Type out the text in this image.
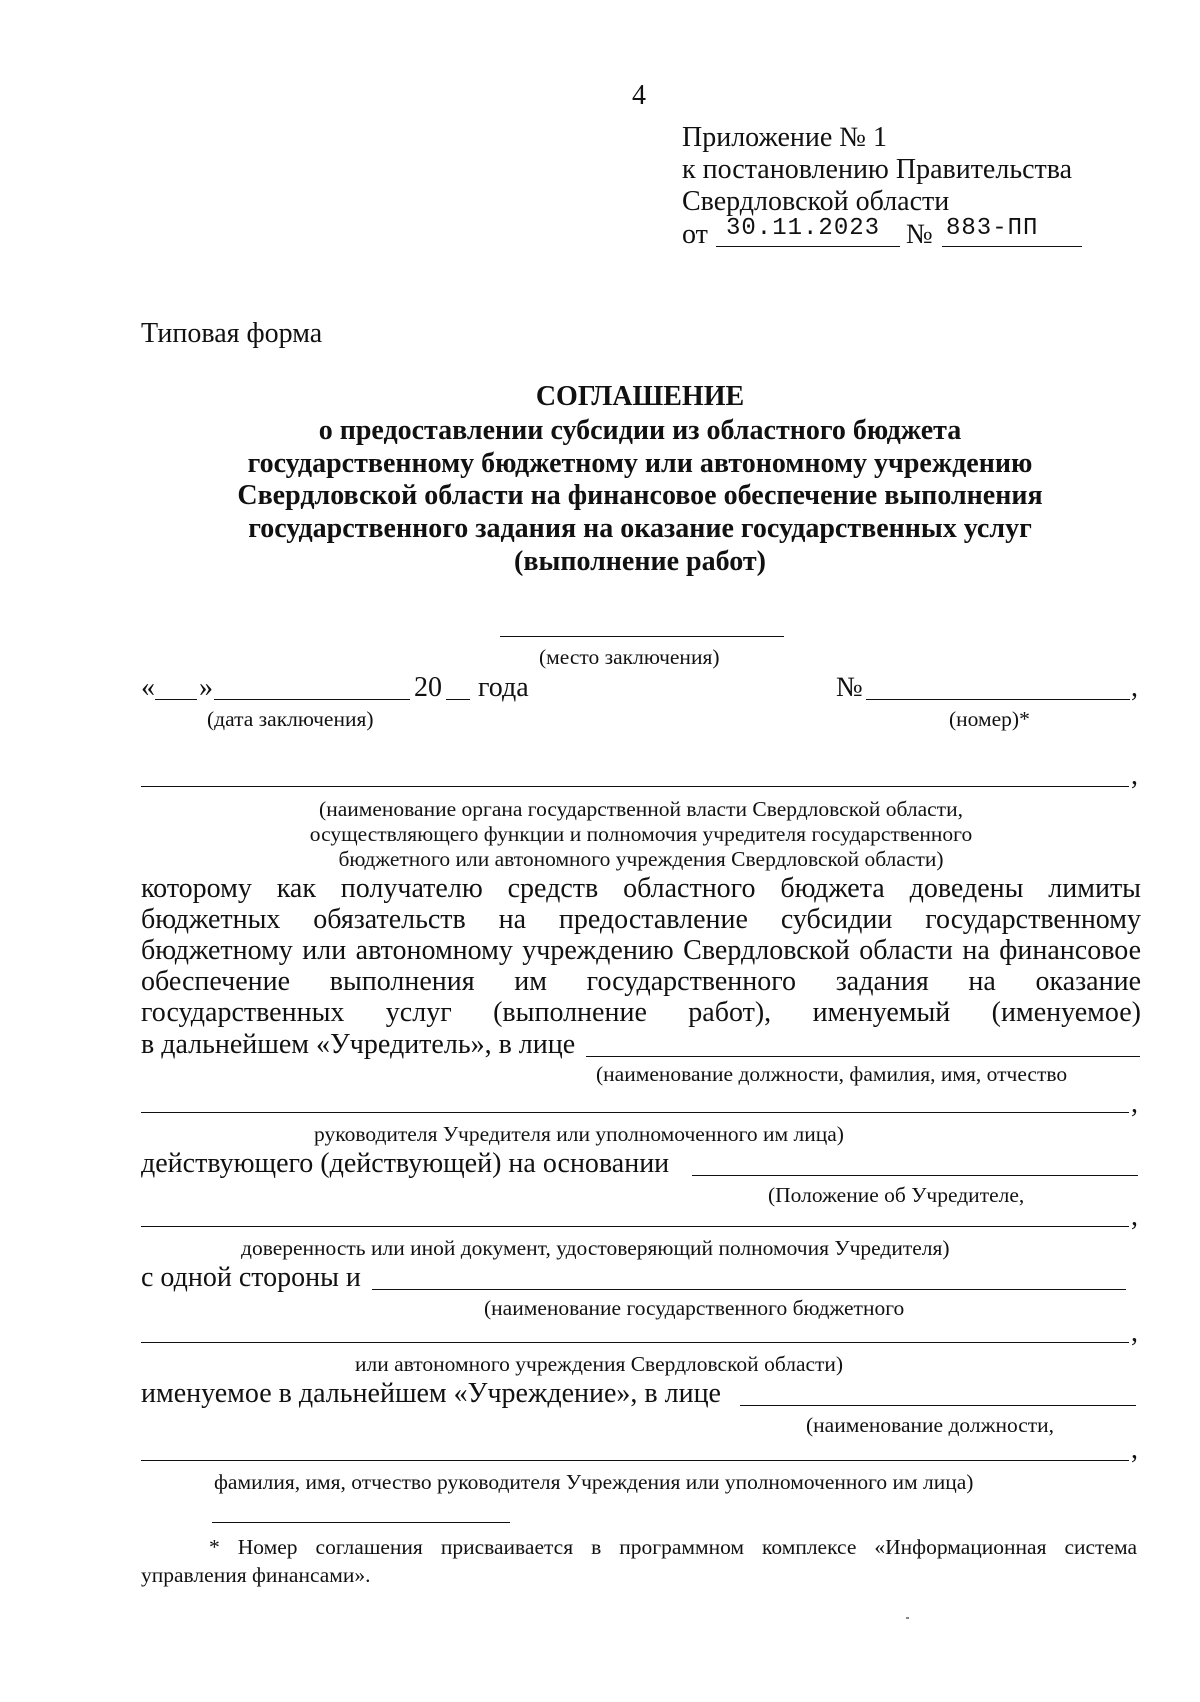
4
Приложение № 1
к постановлению Правительства
Свердловской области
от 30.11.2023 № 883-ПП
Типовая форма
СОГЛАШЕНИЕ
о предоставлении субсидии из областного бюджета
государственному бюджетному или автономному учреждению
Свердловской области на финансовое обеспечение выполнения
государственного задания на оказание государственных услуг
(выполнение работ)
(место заключения)
« »	20 года	№	,
(дата заключения)	(номер)*
,
(наименование органа государственной власти Свердловской области,
осуществляющего функции и полномочия учредителя государственного
бюджетного или автономного учреждения Свердловской области)
которому как получателю средств областного бюджета доведены лимиты
бюджетных обязательств на предоставление субсидии государственному
бюджетному или автономному учреждению Свердловской области на финансовое
обеспечение выполнения им государственного задания на оказание
государственных услуг (выполнение работ), именуемый (именуемое)
в дальнейшем «Учредитель», в лице
(наименование должности, фамилия, имя, отчество
,
руководителя Учредителя или уполномоченного им лица)
действующего (действующей) на основании
(Положение об Учредителе,
,
доверенность или иной документ, удостоверяющий полномочия Учредителя)
с одной стороны и
(наименование государственного бюджетного
,
или автономного учреждения Свердловской области)
именуемое в дальнейшем «Учреждение», в лице
(наименование должности,
,
фамилия, имя, отчество руководителя Учреждения или уполномоченного им лица)
* Номер соглашения присваивается в программном комплексе «Информационная система управления финансами».
